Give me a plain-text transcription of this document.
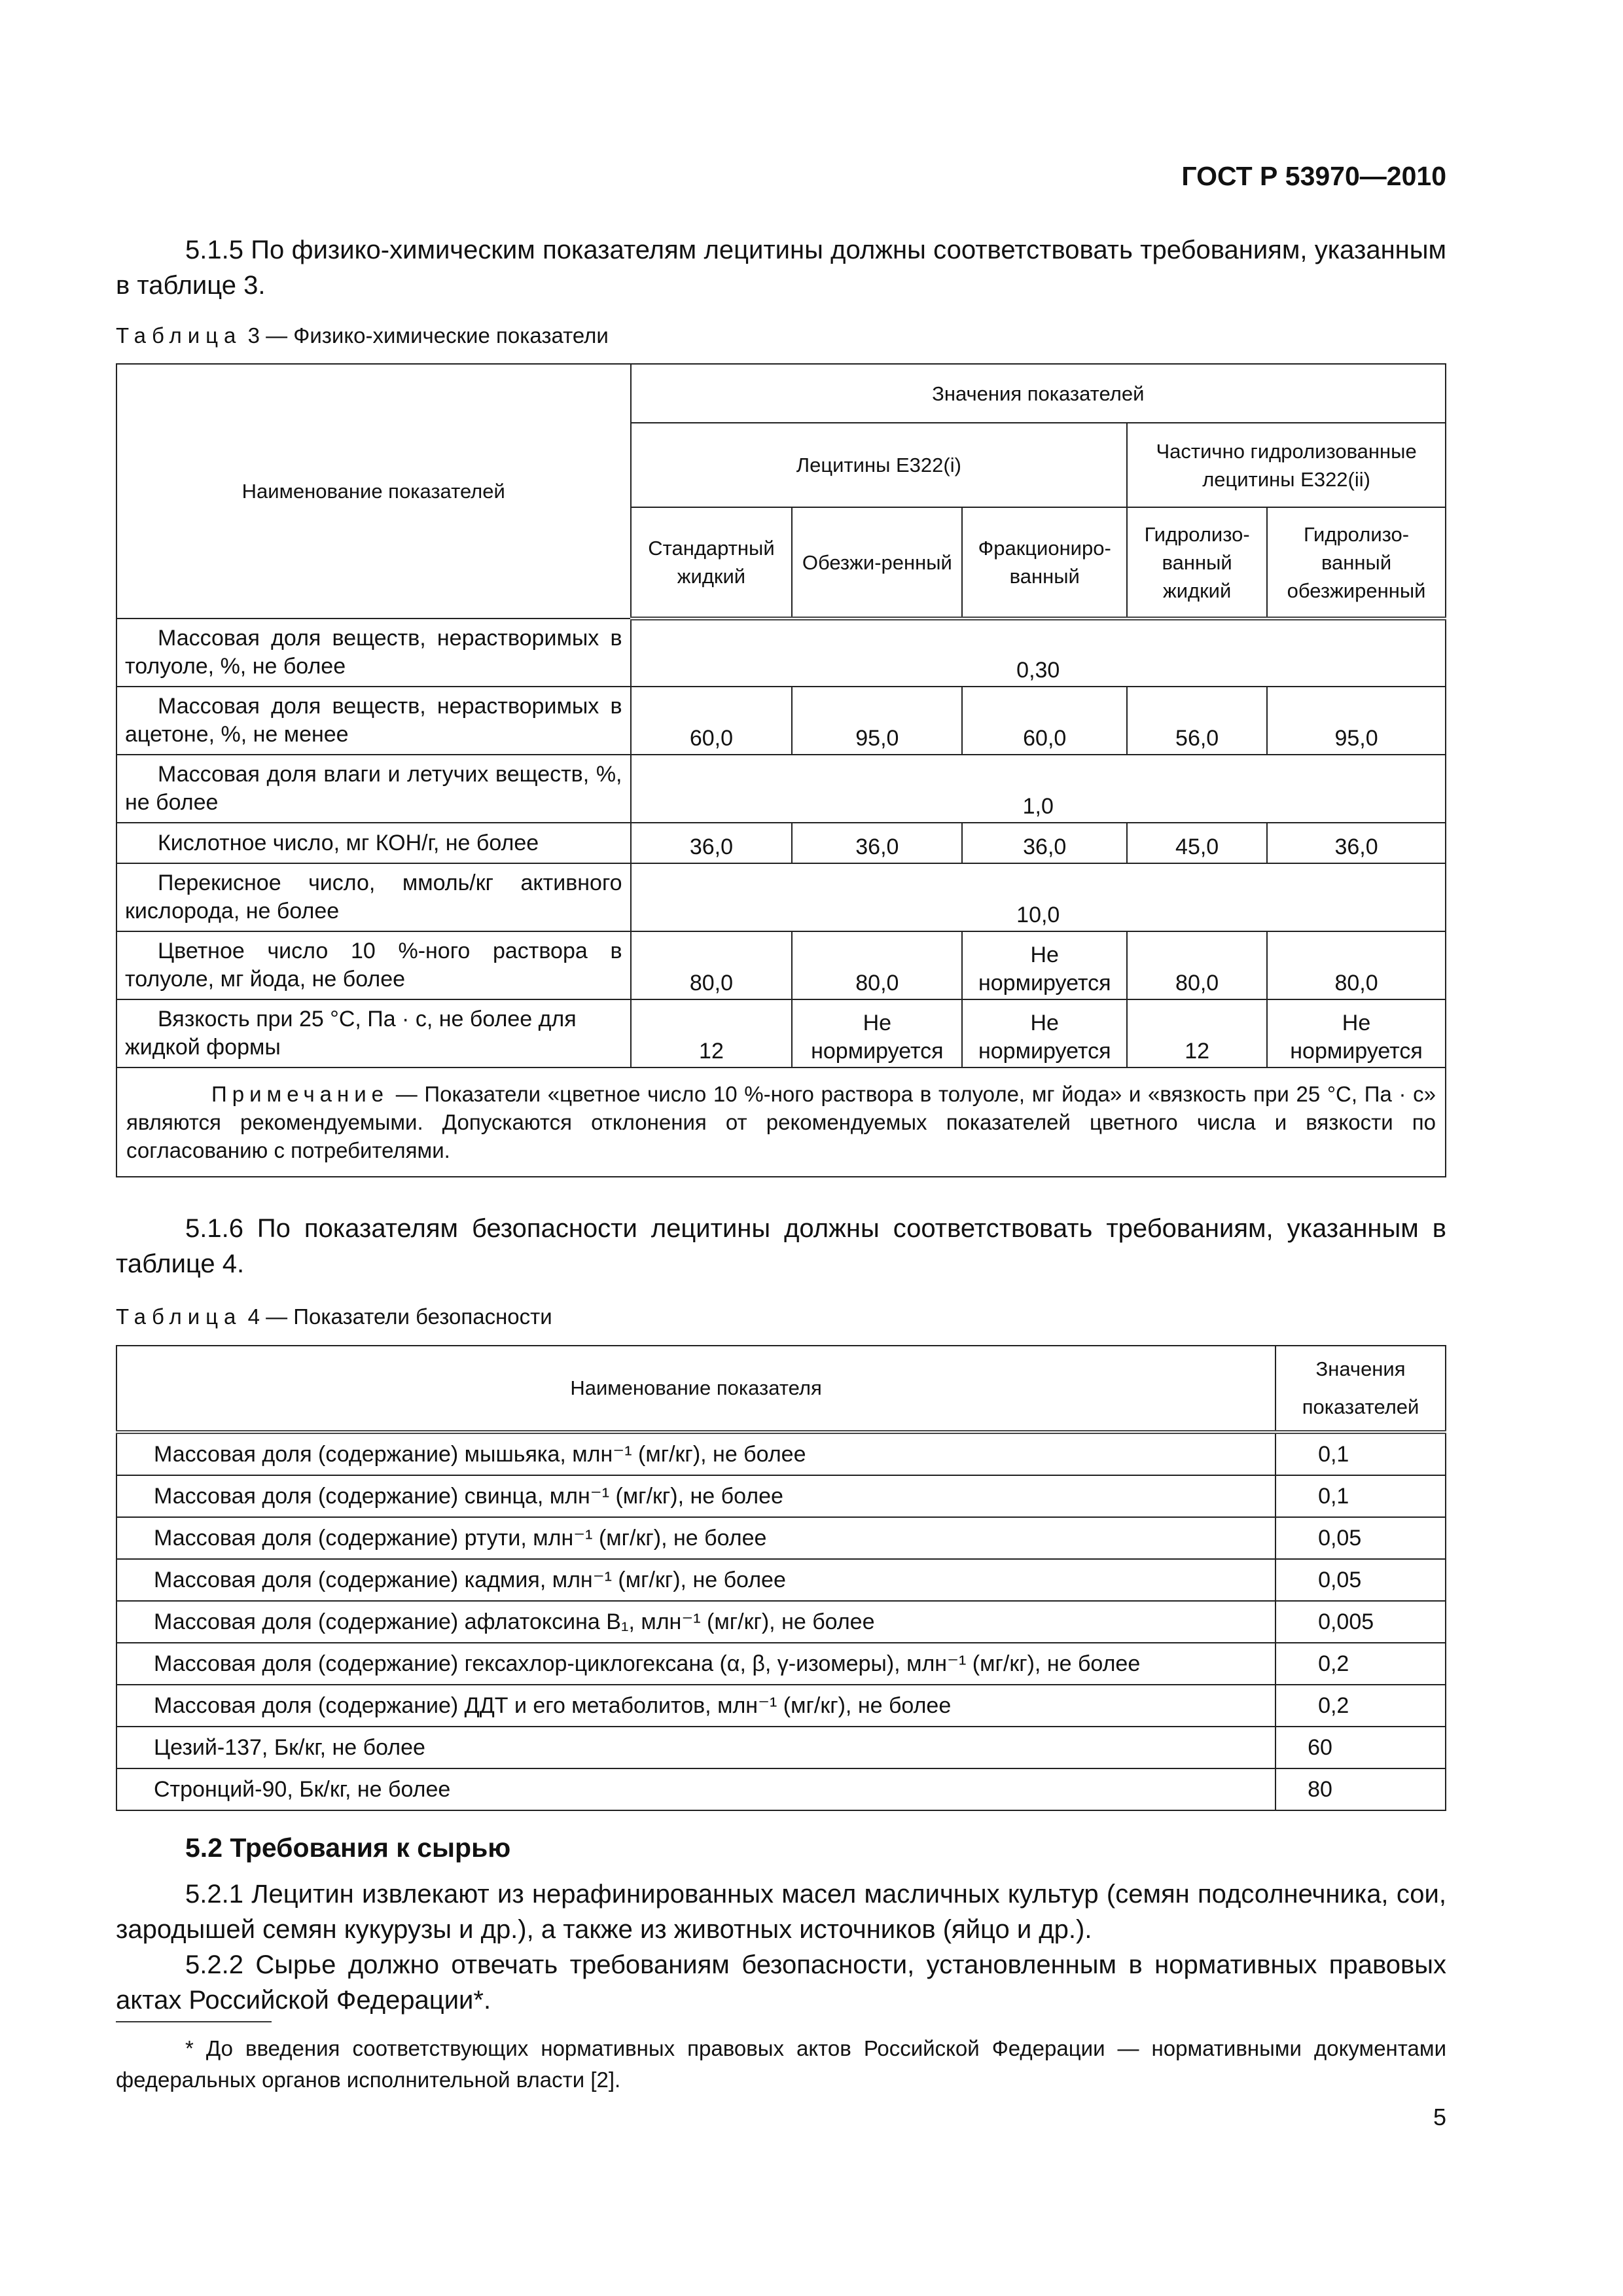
ГОСТ Р 53970—2010
5.1.5 По физико-химическим показателям лецитины должны соответствовать требованиям, указанным в таблице 3.
Таблица 3 — Физико-химические показатели
Наименование показателей	Значения показателей				
	Лецитины Е322(i)			Частично гидролизованные лецитины Е322(ii)	
	Стандартный жидкий	Обезжи-ренный	Фракциониро-ванный	Гидролизо-ванный жидкий	Гидролизо-ванный обезжиренный
Массовая доля веществ, нерастворимых в толуоле, %, не более	0,30				
Массовая доля веществ, нерастворимых в ацетоне, %, не менее	60,0	95,0	60,0	56,0	95,0
Массовая доля влаги и летучих веществ, %, не более	1,0				
Кислотное число, мг КОН/г, не более	36,0	36,0	36,0	45,0	36,0
Перекисное число, ммоль/кг активного кислорода, не более	10,0				
Цветное число 10 %-ного раствора в толуоле, мг йода, не более	80,0	80,0	Не нормируется	80,0	80,0
Вязкость при 25 °С, Па · с, не более для жидкой формы	12	Не нормируется	Не нормируется	12	Не нормируется
Примечание — Показатели «цветное число 10 %-ного раствора в толуоле, мг йода» и «вязкость при 25 °С, Па · с» являются рекомендуемыми. Допускаются отклонения от рекомендуемых показателей цветного числа и вязкости по согласованию с потребителями.					
5.1.6 По показателям безопасности лецитины должны соответствовать требованиям, указанным в таблице 4.
Таблица 4 — Показатели безопасности
Наименование показателя	Значения показателей
Массовая доля (содержание) мышьяка, млн⁻¹ (мг/кг), не более	0,1
Массовая доля (содержание) свинца, млн⁻¹ (мг/кг), не более	0,1
Массовая доля (содержание) ртути, млн⁻¹ (мг/кг), не более	0,05
Массовая доля (содержание) кадмия, млн⁻¹ (мг/кг), не более	0,05
Массовая доля (содержание) афлатоксина B₁, млн⁻¹ (мг/кг), не более	0,005
Массовая доля (содержание) гексахлор-циклогексана (α, β, γ-изомеры), млн⁻¹ (мг/кг), не более	0,2
Массовая доля (содержание) ДДТ и его метаболитов, млн⁻¹ (мг/кг), не более	0,2
Цезий-137, Бк/кг, не более	60
Стронций-90, Бк/кг, не более	80
5.2 Требования к сырью
5.2.1 Лецитин извлекают из нерафинированных масел масличных культур (семян подсолнечника, сои, зародышей семян кукурузы и др.), а также из животных источников (яйцо и др.).
5.2.2 Сырье должно отвечать требованиям безопасности, установленным в нормативных правовых актах Российской Федерации*.
* До введения соответствующих нормативных правовых актов Российской Федерации — нормативными документами федеральных органов исполнительной власти [2].
5
